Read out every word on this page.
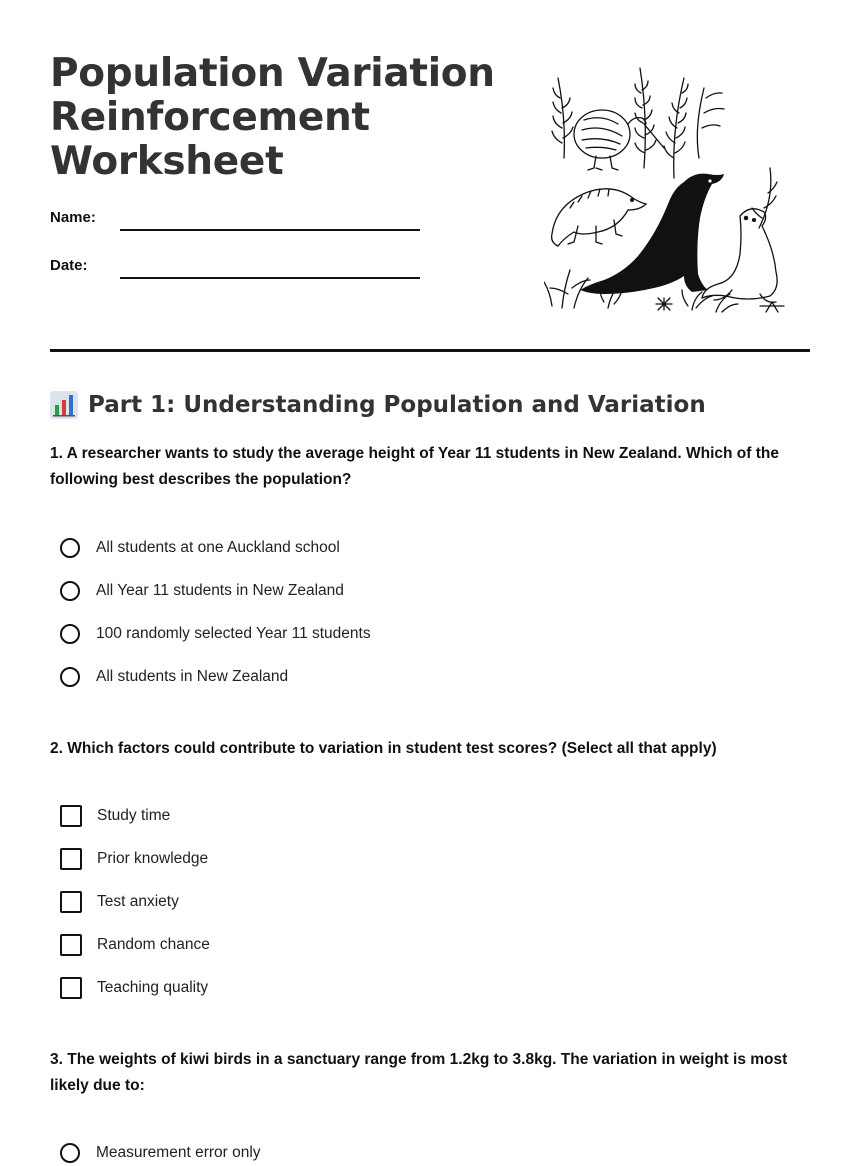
Population Variation
Reinforcement
Worksheet
Name:
Date:
Part 1: Understanding Population and Variation
1. A researcher wants to study the average height of Year 11 students in New Zealand. Which of the following best describes the population?
All students at one Auckland school
All Year 11 students in New Zealand
100 randomly selected Year 11 students
All students in New Zealand
2. Which factors could contribute to variation in student test scores? (Select all that apply)
Study time
Prior knowledge
Test anxiety
Random chance
Teaching quality
3. The weights of kiwi birds in a sanctuary range from 1.2kg to 3.8kg. The variation in weight is most likely due to:
Measurement error only
